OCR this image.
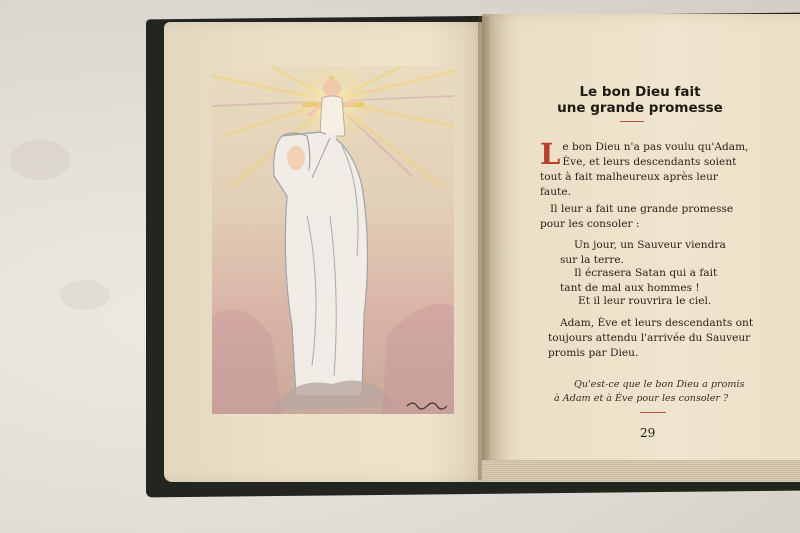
Le bon Dieu fait
une grande promesse
L e bon Dieu n'a pas voulu qu'Adam,
Ève, et leurs descendants soient
tout à fait malheureux après leur
faute.
Il leur a fait une grande promesse
pour les consoler :
Un jour, un Sauveur viendra
sur la terre.
Il écrasera Satan qui a fait
tant de mal aux hommes !
Et il leur rouvrira le ciel.
Adam, Ève et leurs descendants ont
toujours attendu l'arrivée du Sauveur
promis par Dieu.
Qu'est-ce que le bon Dieu a promis
à Adam et à Ève pour les consoler ?
29
